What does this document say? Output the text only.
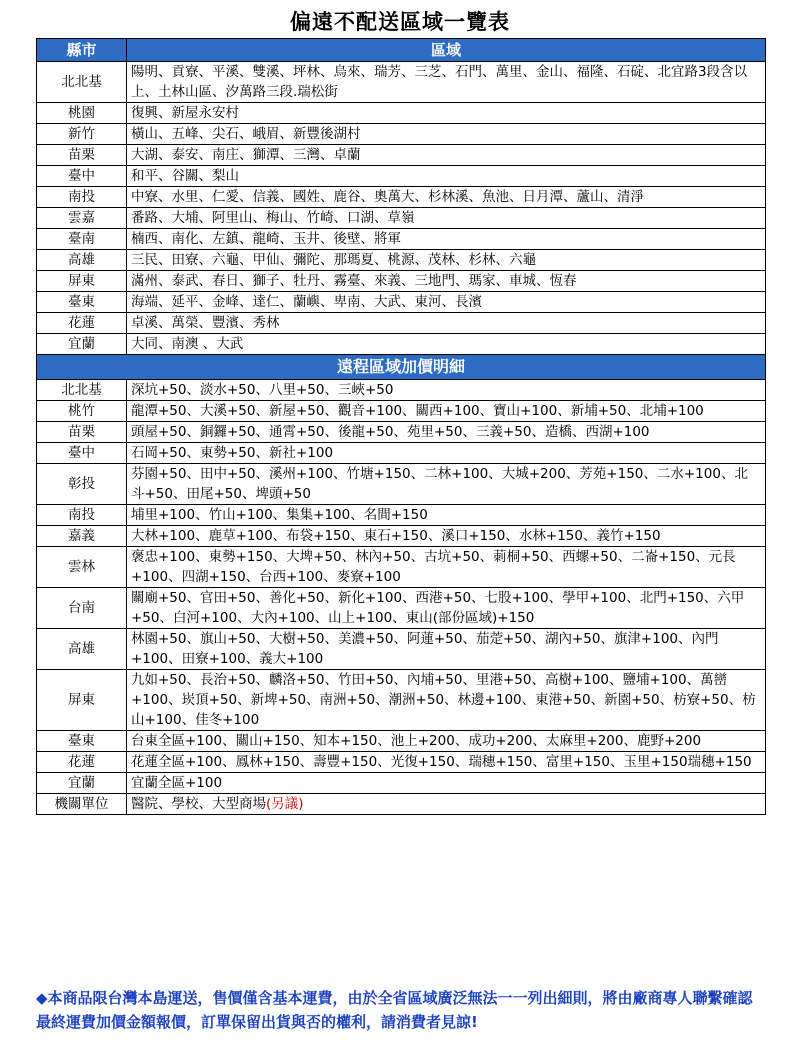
偏遠不配送區域一覽表
縣市	區域
北北基	陽明、貢寮、平溪、雙溪、坪林、烏來、瑞芳、三芝、石門、萬里、金山、福隆、石碇、北宜路3段含以上、土林山區、汐萬路三段.瑞松街
桃園	復興、新屋永安村
新竹	橫山、五峰、尖石、峨眉、新豐後湖村
苗栗	大湖、泰安、南庄、獅潭、三灣、卓蘭
臺中	和平、谷關、梨山
南投	中寮、水里、仁愛、信義、國姓、鹿谷、奧萬大、杉林溪、魚池、日月潭、蘆山、清淨
雲嘉	番路、大埔、阿里山、梅山、竹崎、口湖、草嶺
臺南	楠西、南化、左鎮、龍崎、玉井、後壁、將軍
高雄	三民、田寮、六龜、甲仙、彌陀、那瑪夏、桃源、茂林、杉林、六龜
屏東	滿州、泰武、春日、獅子、牡丹、霧臺、來義、三地門、瑪家、車城、恆春
臺東	海端、延平、金峰、達仁、蘭嶼、卑南、大武、東河、長濱
花蓮	卓溪、萬榮、豐濱、秀林
宜蘭	大同、南澳 、大武
遠程區域加價明細	
北北基	深坑+50、淡水+50、八里+50、三峽+50
桃竹	龍潭+50、大溪+50、新屋+50、觀音+100、關西+100、寶山+100、新埔+50、北埔+100
苗栗	頭屋+50、銅鑼+50、通霄+50、後龍+50、苑里+50、三義+50、造橋、西湖+100
臺中	石岡+50、東勢+50、新社+100
彰投	芬園+50、田中+50、溪州+100、竹塘+150、二林+100、大城+200、芳苑+150、二水+100、北斗+50、田尾+50、埤頭+50
南投	埔里+100、竹山+100、集集+100、名間+150
嘉義	大林+100、鹿草+100、布袋+150、東石+150、溪口+150、水林+150、義竹+150
雲林	褒忠+100、東勢+150、大埤+50、林內+50、古坑+50、莿桐+50、西螺+50、二崙+150、元長+100、四湖+150、台西+100、麥寮+100
台南	關廟+50、官田+50、善化+50、新化+100、西港+50、七股+100、學甲+100、北門+150、六甲+50、白河+100、大內+100、山上+100、東山(部份區域)+150
高雄	林園+50、旗山+50、大樹+50、美濃+50、阿蓮+50、茄萣+50、湖內+50、旗津+100、內門+100、田寮+100、義大+100
屏東	九如+50、長治+50、麟洛+50、竹田+50、內埔+50、里港+50、高樹+100、鹽埔+100、萬巒+100、崁頂+50、新埤+50、南洲+50、潮洲+50、林邊+100、東港+50、新園+50、枋寮+50、枋山+100、佳冬+100
臺東	台東全區+100、關山+150、知本+150、池上+200、成功+200、太麻里+200、鹿野+200
花蓮	花蓮全區+100、鳳林+150、壽豐+150、光復+150、瑞穗+150、富里+150、玉里+150瑞穗+150
宜蘭	宜蘭全區+100
機關單位	醫院、學校、大型商場(另議)
◆本商品限台灣本島運送，售價僅含基本運費，由於全省區域廣泛無法一一列出細則，將由廠商專人聯繫確認最終運費加價金額報價，訂單保留出貨與否的權利，請消費者見諒!
